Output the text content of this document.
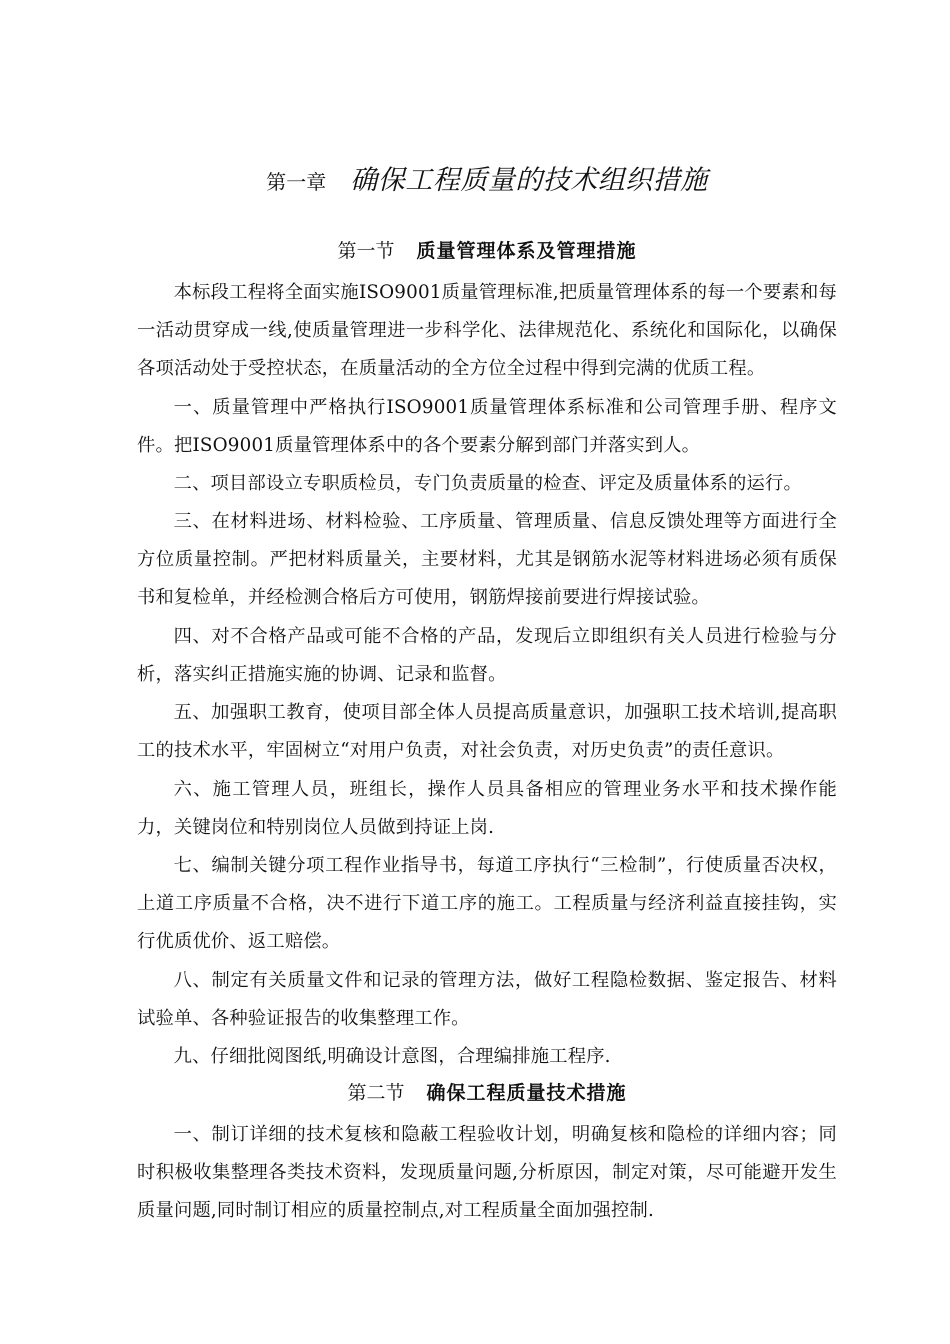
第一章 确保工程质量的技术组织措施
第一节 质量管理体系及管理措施
本标段工程将全面实施ISO9001质量管理标准,把质量管理体系的每一个要素和每一活动贯穿成一线,使质量管理进一步科学化、法律规范化、系统化和国际化，以确保各项活动处于受控状态，在质量活动的全方位全过程中得到完满的优质工程。
一、质量管理中严格执行ISO9001质量管理体系标准和公司管理手册、程序文件。把ISO9001质量管理体系中的各个要素分解到部门并落实到人。
二、项目部设立专职质检员，专门负责质量的检查、评定及质量体系的运行。
三、在材料进场、材料检验、工序质量、管理质量、信息反馈处理等方面进行全方位质量控制。严把材料质量关，主要材料，尤其是钢筋水泥等材料进场必须有质保书和复检单，并经检测合格后方可使用，钢筋焊接前要进行焊接试验。
四、对不合格产品或可能不合格的产品，发现后立即组织有关人员进行检验与分析，落实纠正措施实施的协调、记录和监督。
五、加强职工教育，使项目部全体人员提高质量意识，加强职工技术培训,提高职工的技术水平，牢固树立“对用户负责，对社会负责，对历史负责”的责任意识。
六、施工管理人员，班组长，操作人员具备相应的管理业务水平和技术操作能力，关键岗位和特别岗位人员做到持证上岗.
七、编制关键分项工程作业指导书，每道工序执行“三检制”，行使质量否决权，上道工序质量不合格，决不进行下道工序的施工。工程质量与经济利益直接挂钩，实行优质优价、返工赔偿。
八、制定有关质量文件和记录的管理方法，做好工程隐检数据、鉴定报告、材料试验单、各种验证报告的收集整理工作。
九、仔细批阅图纸,明确设计意图，合理编排施工程序.
第二节 确保工程质量技术措施
一、制订详细的技术复核和隐蔽工程验收计划，明确复核和隐检的详细内容；同时积极收集整理各类技术资料，发现质量问题,分析原因，制定对策，尽可能避开发生质量问题,同时制订相应的质量控制点,对工程质量全面加强控制.
